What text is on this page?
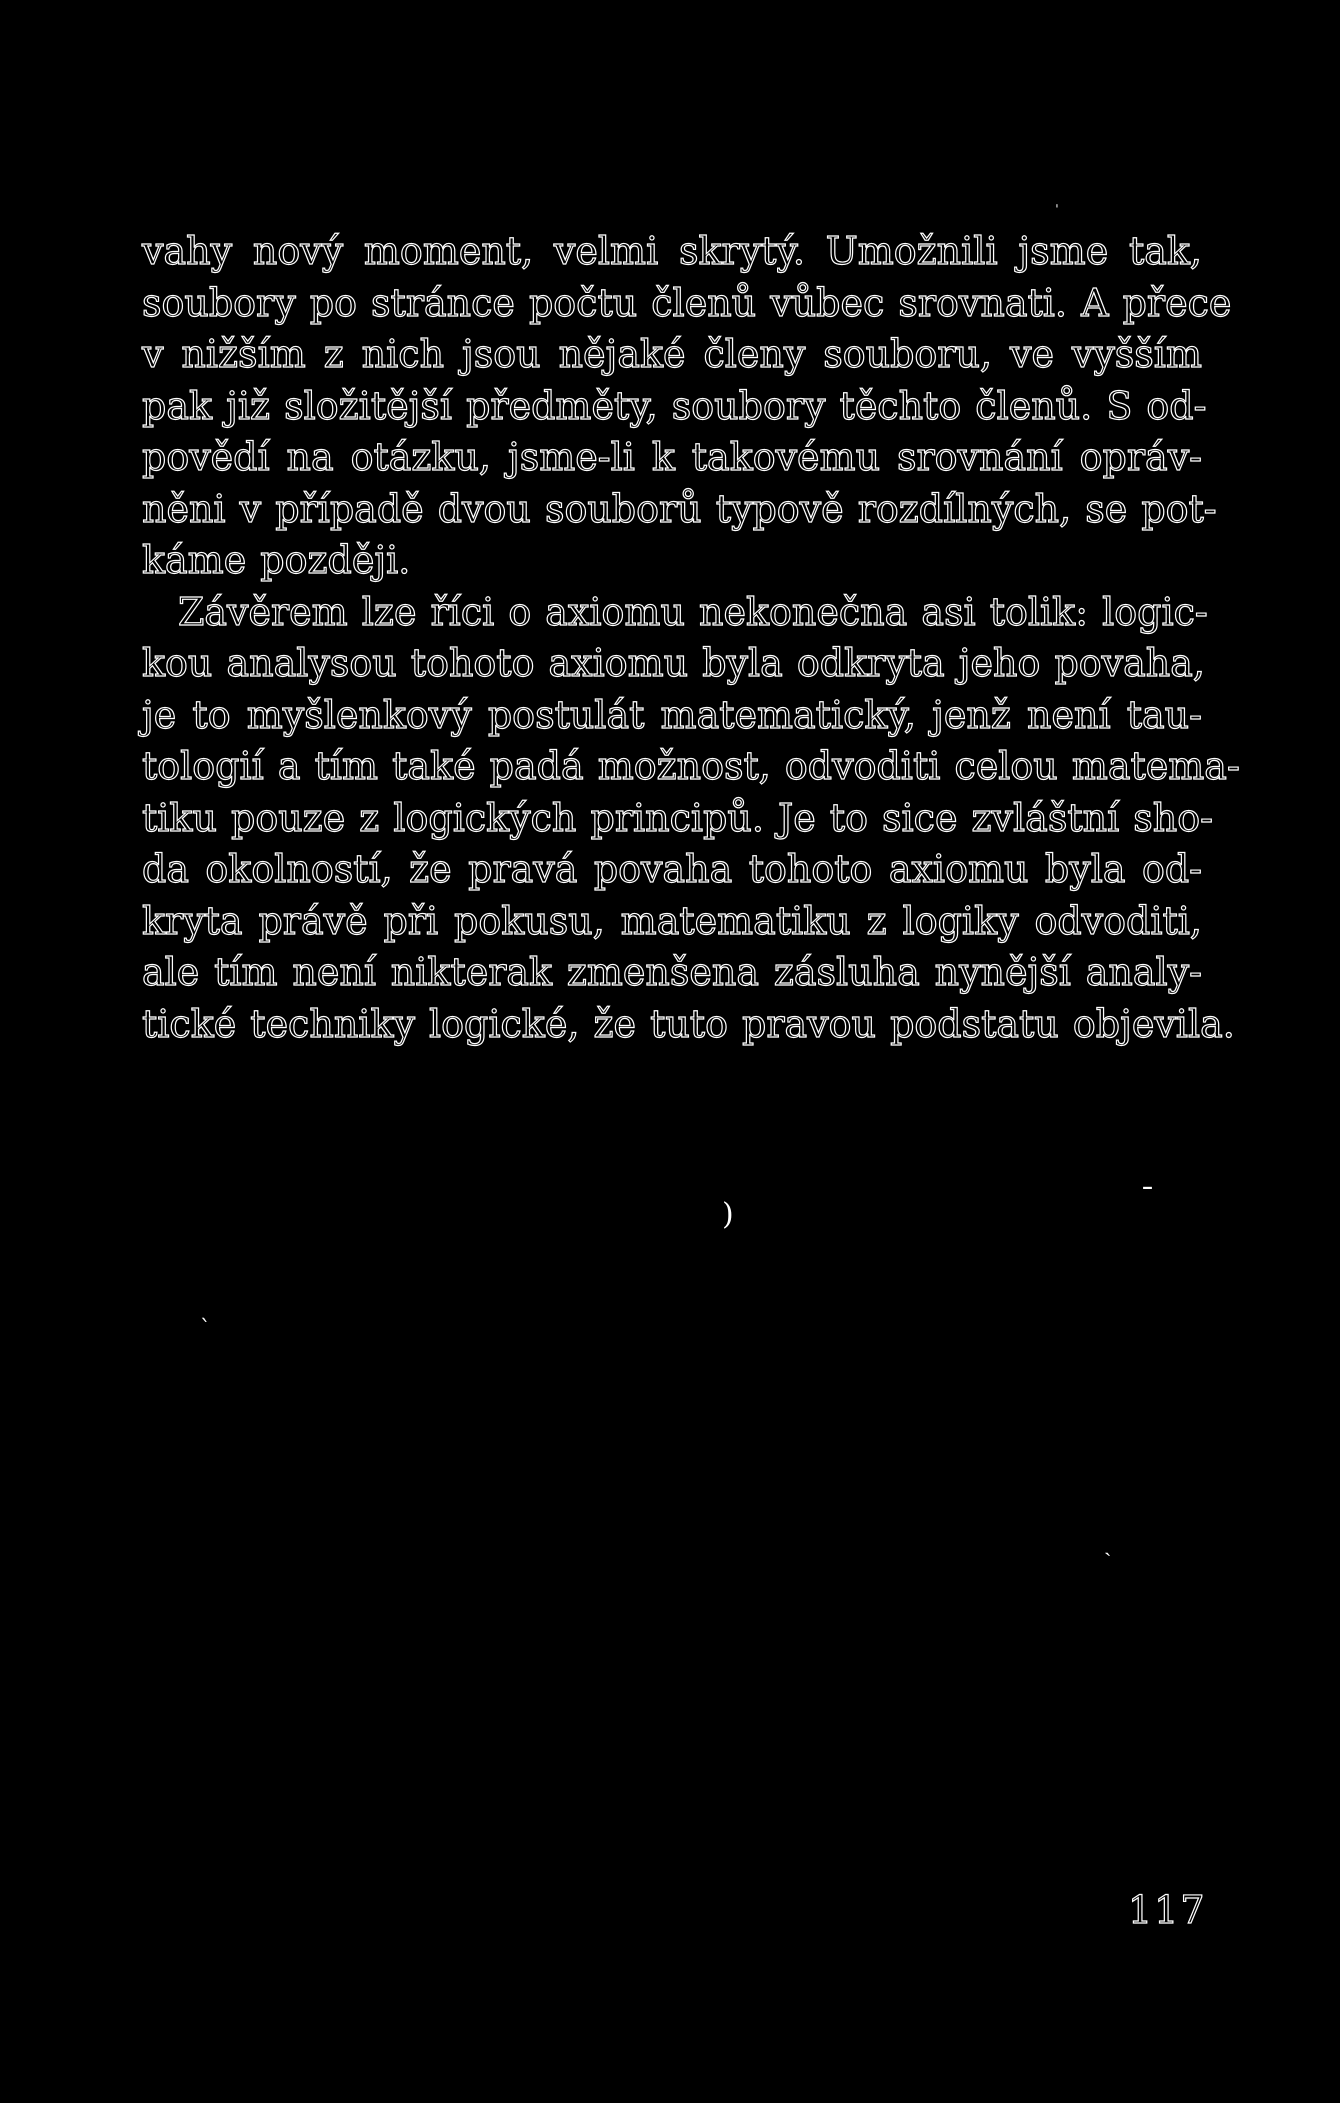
vahy nový moment, velmi skrytý. Umožnili jsme tak,
soubory po stránce počtu členů vůbec srovnati. A přece
v nižším z nich jsou nějaké členy souboru, ve vyšším
pak již složitější předměty, soubory těchto členů. S od-
povědí na otázku, jsme-li k takovému srovnání opráv-
něni v případě dvou souborů typově rozdílných, se pot-
káme později.

Závěrem lze říci o axiomu nekonečna asi tolik: logic-
kou analysou tohoto axiomu byla odkryta jeho povaha,
je to myšlenkový postulát matematický, jenž není tau-
tologií a tím také padá možnost, odvoditi celou matema-
tiku pouze z logických principů. Je to sice zvláštní sho-
da okolností, že pravá povaha tohoto axiomu byla od-
kryta právě při pokusu, matematiku z logiky odvoditi,
ale tím není nikterak zmenšena zásluha nynější analy-
tické techniky logické, že tuto pravou podstatu objevila.

ˈ
)	ˉ
ˋ
ˏ
117
